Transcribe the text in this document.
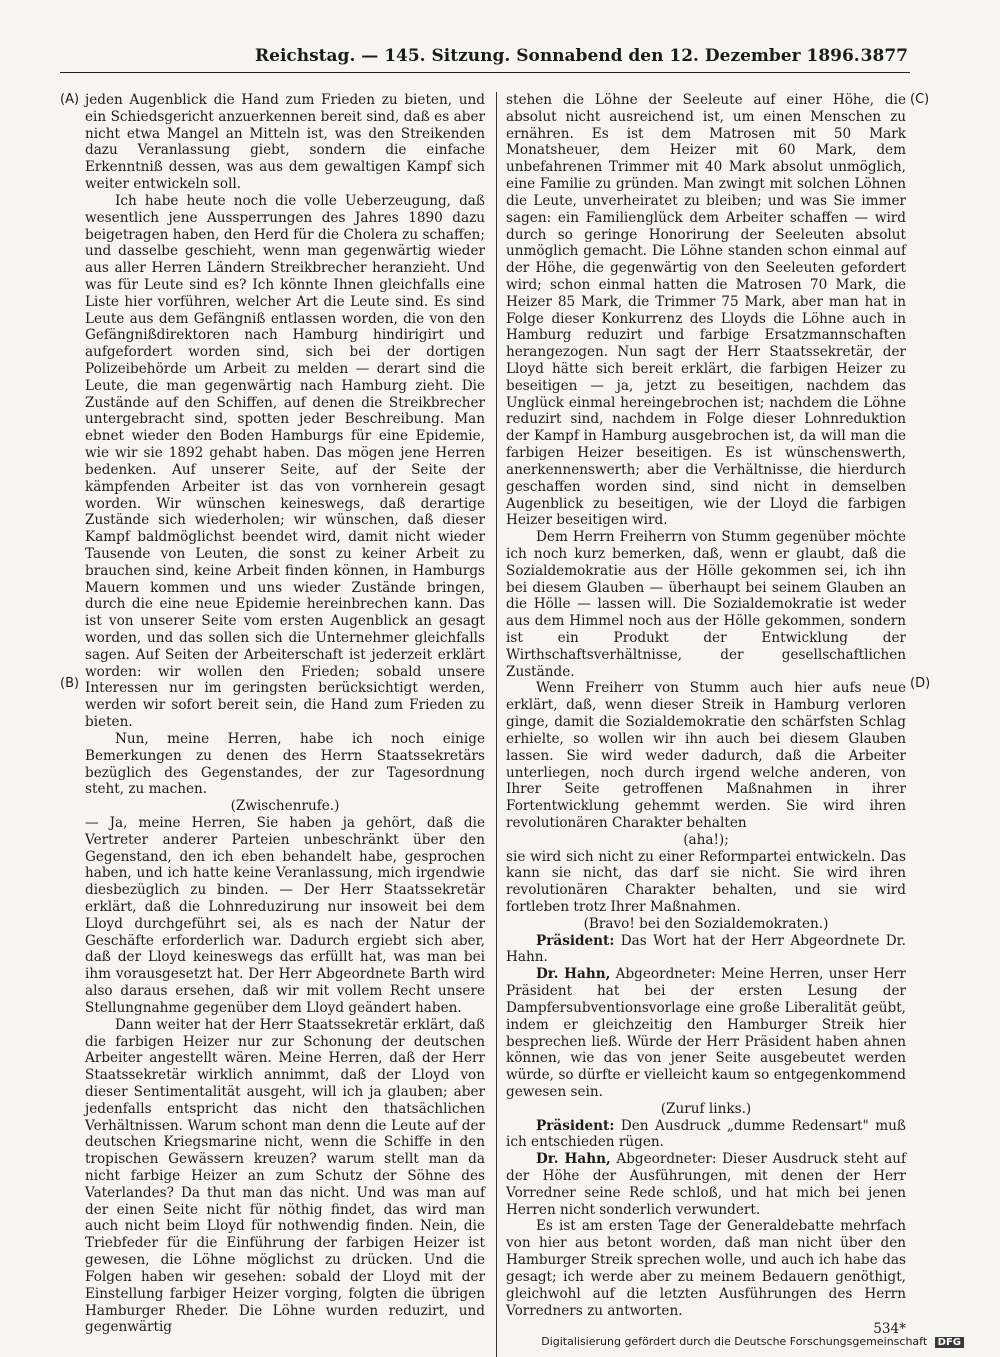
Reichstag. — 145. Sitzung. Sonnabend den 12. Dezember 1896. 3877
(A)
(B)
(C)
(D)

jeden Augenblick die Hand zum Frieden zu bieten, und ein Schiedsgericht anzuerkennen bereit sind, daß es aber nicht etwa Mangel an Mitteln ist, was den Streikenden dazu Veranlassung giebt, sondern die einfache Erkenntniß dessen, was aus dem gewaltigen Kampf sich weiter entwickeln soll.

Ich habe heute noch die volle Ueberzeugung, daß wesentlich jene Aussperrungen des Jahres 1890 dazu beigetragen haben, den Herd für die Cholera zu schaffen; und dasselbe geschieht, wenn man gegenwärtig wieder aus aller Herren Ländern Streikbrecher heranzieht. Und was für Leute sind es? Ich könnte Ihnen gleichfalls eine Liste hier vorführen, welcher Art die Leute sind. Es sind Leute aus dem Gefängniß entlassen worden, die von den Gefängnißdirektoren nach Hamburg hindirigirt und aufgefordert worden sind, sich bei der dortigen Polizeibehörde um Arbeit zu melden — derart sind die Leute, die man gegenwärtig nach Hamburg zieht. Die Zustände auf den Schiffen, auf denen die Streikbrecher untergebracht sind, spotten jeder Beschreibung. Man ebnet wieder den Boden Hamburgs für eine Epidemie, wie wir sie 1892 gehabt haben. Das mögen jene Herren bedenken. Auf unserer Seite, auf der Seite der kämpfenden Arbeiter ist das von vornherein gesagt worden. Wir wünschen keineswegs, daß derartige Zustände sich wiederholen; wir wünschen, daß dieser Kampf baldmöglichst beendet wird, damit nicht wieder Tausende von Leuten, die sonst zu keiner Arbeit zu brauchen sind, keine Arbeit finden können, in Hamburgs Mauern kommen und uns wieder Zustände bringen, durch die eine neue Epidemie hereinbrechen kann. Das ist von unserer Seite vom ersten Augenblick an gesagt worden, und das sollen sich die Unternehmer gleichfalls sagen. Auf Seiten der Arbeiterschaft ist jederzeit erklärt worden: wir wollen den Frieden; sobald unsere Interessen nur im geringsten berücksichtigt werden, werden wir sofort bereit sein, die Hand zum Frieden zu bieten.

Nun, meine Herren, habe ich noch einige Bemerkungen zu denen des Herrn Staatssekretärs bezüglich des Gegenstandes, der zur Tagesordnung steht, zu machen.

(Zwischenrufe.)

— Ja, meine Herren, Sie haben ja gehört, daß die Vertreter anderer Parteien unbeschränkt über den Gegenstand, den ich eben behandelt habe, gesprochen haben, und ich hatte keine Veranlassung, mich irgendwie diesbezüglich zu binden. — Der Herr Staatssekretär erklärt, daß die Lohnreduzirung nur insoweit bei dem Lloyd durchgeführt sei, als es nach der Natur der Geschäfte erforderlich war. Dadurch ergiebt sich aber, daß der Lloyd keineswegs das erfüllt hat, was man bei ihm vorausgesetzt hat. Der Herr Abgeordnete Barth wird also daraus ersehen, daß wir mit vollem Recht unsere Stellungnahme gegenüber dem Lloyd geändert haben.

Dann weiter hat der Herr Staatssekretär erklärt, daß die farbigen Heizer nur zur Schonung der deutschen Arbeiter angestellt wären. Meine Herren, daß der Herr Staatssekretär wirklich annimmt, daß der Lloyd von dieser Sentimentalität ausgeht, will ich ja glauben; aber jedenfalls entspricht das nicht den thatsächlichen Verhältnissen. Warum schont man denn die Leute auf der deutschen Kriegsmarine nicht, wenn die Schiffe in den tropischen Gewässern kreuzen? warum stellt man da nicht farbige Heizer an zum Schutz der Söhne des Vaterlandes? Da thut man das nicht. Und was man auf der einen Seite nicht für nöthig findet, das wird man auch nicht beim Lloyd für nothwendig finden. Nein, die Triebfeder für die Einführung der farbigen Heizer ist gewesen, die Löhne möglichst zu drücken. Und die Folgen haben wir gesehen: sobald der Lloyd mit der Einstellung farbiger Heizer vorging, folgten die übrigen Hamburger Rheder. Die Löhne wurden reduzirt, und gegenwärtig

stehen die Löhne der Seeleute auf einer Höhe, die absolut nicht ausreichend ist, um einen Menschen zu ernähren. Es ist dem Matrosen mit 50 Mark Monatsheuer, dem Heizer mit 60 Mark, dem unbefahrenen Trimmer mit 40 Mark absolut unmöglich, eine Familie zu gründen. Man zwingt mit solchen Löhnen die Leute, unverheiratet zu bleiben; und was Sie immer sagen: ein Familienglück dem Arbeiter schaffen — wird durch so geringe Honorirung der Seeleuten absolut unmöglich gemacht. Die Löhne standen schon einmal auf der Höhe, die gegenwärtig von den Seeleuten gefordert wird; schon einmal hatten die Matrosen 70 Mark, die Heizer 85 Mark, die Trimmer 75 Mark, aber man hat in Folge dieser Konkurrenz des Lloyds die Löhne auch in Hamburg reduzirt und farbige Ersatzmannschaften herangezogen. Nun sagt der Herr Staatssekretär, der Lloyd hätte sich bereit erklärt, die farbigen Heizer zu beseitigen — ja, jetzt zu beseitigen, nachdem das Unglück einmal hereingebrochen ist; nachdem die Löhne reduzirt sind, nachdem in Folge dieser Lohnreduktion der Kampf in Hamburg ausgebrochen ist, da will man die farbigen Heizer beseitigen. Es ist wünschenswerth, anerkennenswerth; aber die Verhältnisse, die hierdurch geschaffen worden sind, sind nicht in demselben Augenblick zu beseitigen, wie der Lloyd die farbigen Heizer beseitigen wird.

Dem Herrn Freiherrn von Stumm gegenüber möchte ich noch kurz bemerken, daß, wenn er glaubt, daß die Sozialdemokratie aus der Hölle gekommen sei, ich ihn bei diesem Glauben — überhaupt bei seinem Glauben an die Hölle — lassen will. Die Sozialdemokratie ist weder aus dem Himmel noch aus der Hölle gekommen, sondern ist ein Produkt der Entwicklung der Wirthschaftsverhältnisse, der gesellschaftlichen Zustände.

Wenn Freiherr von Stumm auch hier aufs neue erklärt, daß, wenn dieser Streik in Hamburg verloren ginge, damit die Sozialdemokratie den schärfsten Schlag erhielte, so wollen wir ihn auch bei diesem Glauben lassen. Sie wird weder dadurch, daß die Arbeiter unterliegen, noch durch irgend welche anderen, von Ihrer Seite getroffenen Maßnahmen in ihrer Fortentwicklung gehemmt werden. Sie wird ihren revolutionären Charakter behalten

(aha!);

sie wird sich nicht zu einer Reformpartei entwickeln. Das kann sie nicht, das darf sie nicht. Sie wird ihren revolutionären Charakter behalten, und sie wird fortleben trotz Ihrer Maßnahmen.

(Bravo! bei den Sozialdemokraten.)

Präsident: Das Wort hat der Herr Abgeordnete Dr. Hahn.

Dr. Hahn, Abgeordneter: Meine Herren, unser Herr Präsident hat bei der ersten Lesung der Dampfersubventionsvorlage eine große Liberalität geübt, indem er gleichzeitig den Hamburger Streik hier besprechen ließ. Würde der Herr Präsident haben ahnen können, wie das von jener Seite ausgebeutet werden würde, so dürfte er vielleicht kaum so entgegenkommend gewesen sein.

(Zuruf links.)

Präsident: Den Ausdruck „dumme Redensart" muß ich entschieden rügen.

Dr. Hahn, Abgeordneter: Dieser Ausdruck steht auf der Höhe der Ausführungen, mit denen der Herr Vorredner seine Rede schloß, und hat mich bei jenen Herren nicht sonderlich verwundert.

Es ist am ersten Tage der Generaldebatte mehrfach von hier aus betont worden, daß man nicht über den Hamburger Streik sprechen wolle, und auch ich habe das gesagt; ich werde aber zu meinem Bedauern genöthigt, gleichwohl auf die letzten Ausführungen des Herrn Vorredners zu antworten.

534*

Digitalisierung gefördert durch die Deutsche Forschungsgemeinschaft DFG
